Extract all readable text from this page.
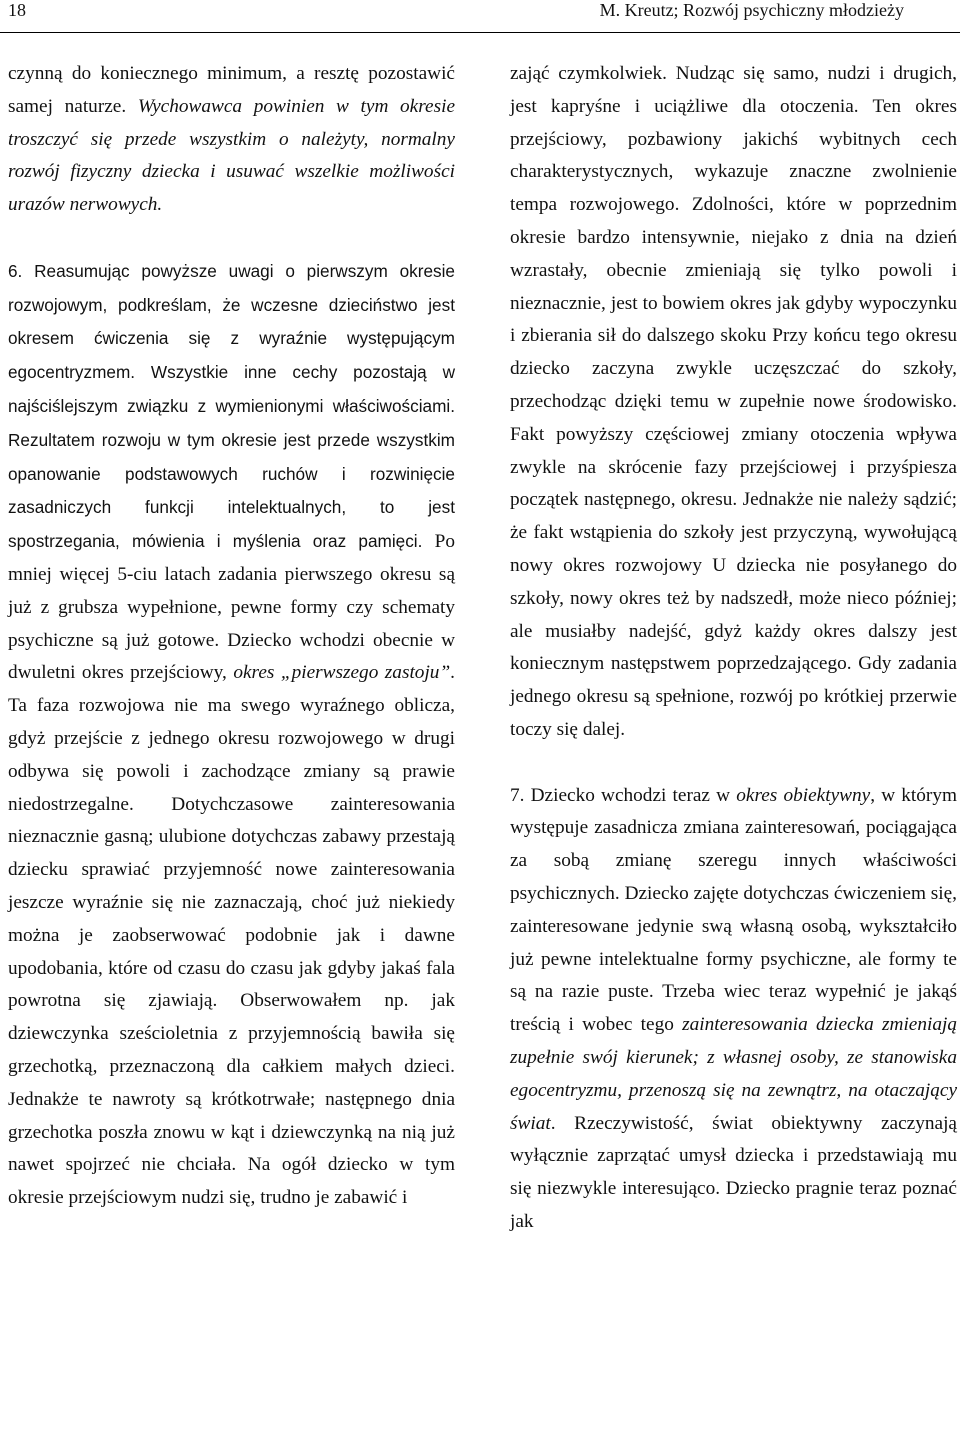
18	M. Kreutz; Rozwój psychiczny młodzieży

czynną do koniecznego minimum, a resztę pozostawić samej naturze. Wychowawca powinien w tym okresie troszczyć się przede wszystkim o należyty, normalny rozwój fizyczny dziecka i usuwać wszelkie możliwości urazów nerwowych.

6. Reasumując powyższe uwagi o pierwszym okresie rozwojowym, podkreślam, że wczesne dzieciństwo jest okresem ćwiczenia się z wyraźnie występującym egocentryzmem. Wszystkie inne cechy pozostają w najściślejszym związku z wymienionymi właściwościami. Rezultatem rozwoju w tym okresie jest przede wszystkim opanowanie podstawowych ruchów i rozwinięcie zasadniczych funkcji intelektualnych, to jest spostrzegania, mówienia i myślenia oraz pamięci. Po mniej więcej 5-ciu latach zadania pierwszego okresu są już z grubsza wypełnione, pewne formy czy schematy psychiczne są już gotowe. Dziecko wchodzi obecnie w dwuletni okres przejściowy, okres „pierwszego zastoju”. Ta faza rozwojowa nie ma swego wyraźnego oblicza, gdyż przejście z jednego okresu rozwojowego w drugi odbywa się powoli i zachodzące zmiany są prawie niedostrzegalne. Dotychczasowe zainteresowania nieznacznie gasną; ulubione dotychczas zabawy przestają dziecku sprawiać przyjemność nowe zainteresowania jeszcze wyraźnie się nie zaznaczają, choć już niekiedy można je zaobserwować podobnie jak i dawne upodobania, które od czasu do czasu jak gdyby jakaś fala powrotna się zjawiają. Obserwowałem np. jak dziewczynka sześcioletnia z przyjemnością bawiła się grzechotką, przeznaczoną dla całkiem małych dzieci. Jednakże te nawroty są krótkotrwałe; następnego dnia grzechotka poszła znowu w kąt i dziewczynką na nią już nawet spojrzeć nie chciała. Na ogół dziecko w tym okresie przejściowym nudzi się, trudno je zabawić i

zająć czymkolwiek. Nudząc się samo, nudzi i drugich, jest kapryśne i uciążliwe dla otoczenia. Ten okres przejściowy, pozbawiony jakichś wybitnych cech charakterystycznych, wykazuje znaczne zwolnienie tempa rozwojowego. Zdolności, które w poprzednim okresie bardzo intensywnie, niejako z dnia na dzień wzrastały, obecnie zmieniają się tylko powoli i nieznacznie, jest to bowiem okres jak gdyby wypoczynku i zbierania sił do dalszego skoku Przy końcu tego okresu dziecko zaczyna zwykle uczęszczać do szkoły, przechodząc dzięki temu w zupełnie nowe środowisko. Fakt powyższy częściowej zmiany otoczenia wpływa zwykle na skrócenie fazy przejściowej i przyśpiesza początek następnego, okresu. Jednakże nie należy sądzić; że fakt wstąpienia do szkoły jest przyczyną, wywołującą nowy okres rozwojowy U dziecka nie posyłanego do szkoły, nowy okres też by nadszedł, może nieco później; ale musiałby nadejść, gdyż każdy okres dalszy jest koniecznym następstwem poprzedzającego. Gdy zadania jednego okresu są spełnione, rozwój po krótkiej przerwie toczy się dalej.

7. Dziecko wchodzi teraz w okres obiektywny, w którym występuje zasadnicza zmiana zainteresowań, pociągająca za sobą zmianę szeregu innych właściwości psychicznych. Dziecko zajęte dotychczas ćwiczeniem się, zainteresowane jedynie swą własną osobą, wykształciło już pewne intelektualne formy psychiczne, ale formy te są na razie puste. Trzeba wiec teraz wypełnić je jakąś treścią i wobec tego zainteresowania dziecka zmieniają zupełnie swój kierunek; z własnej osoby, ze stanowiska egocentryzmu, przenoszą się na zewnątrz, na otaczający świat. Rzeczywistość, świat obiektywny zaczynają wyłącznie zaprzątać umysł dziecka i przedstawiają mu się niezwykle interesująco. Dziecko pragnie teraz poznać jak
